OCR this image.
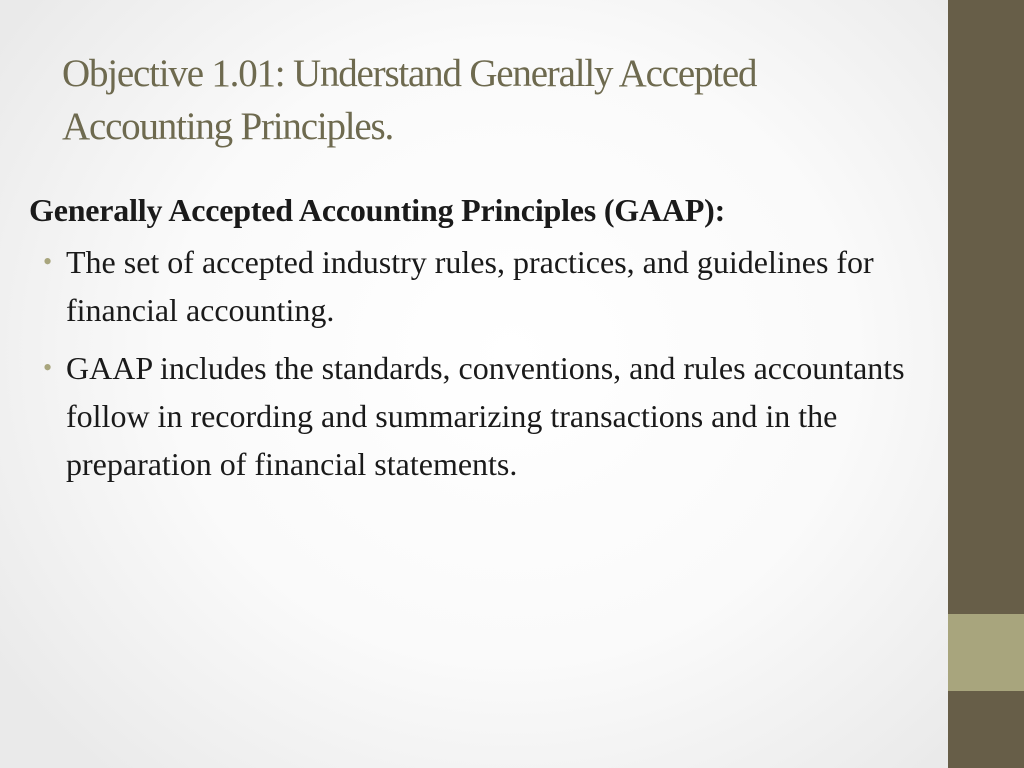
Objective 1.01: Understand Generally Accepted Accounting Principles.

Generally Accepted Accounting Principles (GAAP):

• The set of accepted industry rules, practices, and guidelines for financial accounting.
• GAAP includes the standards, conventions, and rules accountants follow in recording and summarizing transactions and in the preparation of financial statements.
